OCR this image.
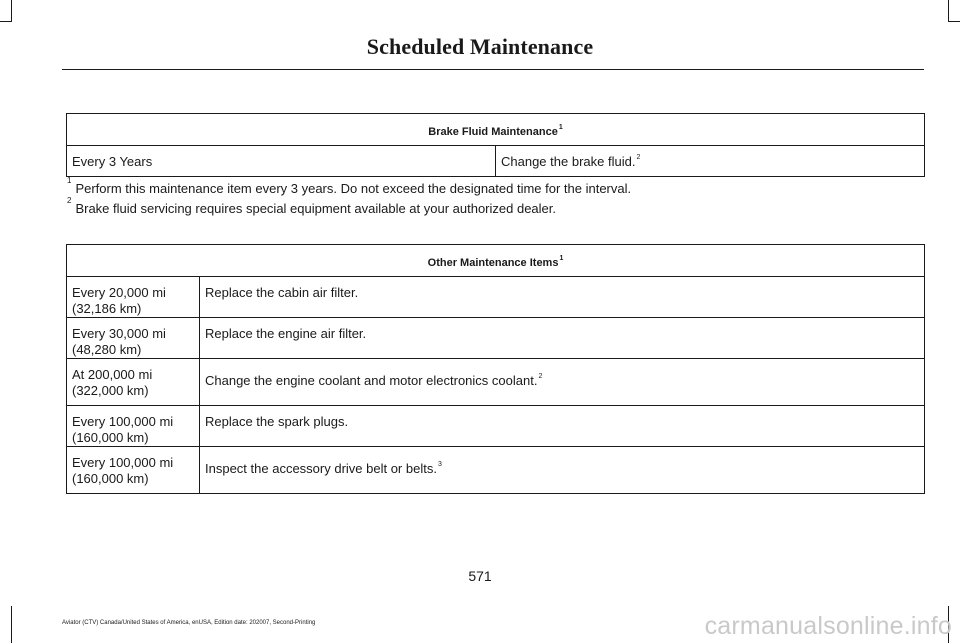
Scheduled Maintenance
Brake Fluid Maintenance$^1$
Every 3 Years	Change the brake fluid.$^2$
$^1$Perform this maintenance item every 3 years. Do not exceed the designated time for the interval.
$^2$Brake fluid servicing requires special equipment available at your authorized dealer.
Other Maintenance Items$^1$
Every 20,000 mi
(32,186 km)	Replace the cabin air filter.
Every 30,000 mi
(48,280 km)	Replace the engine air filter.
At 200,000 mi
(322,000 km)	Change the engine coolant and motor electronics coolant.$^2$
Every 100,000 mi
(160,000 km)	Replace the spark plugs.
Every 100,000 mi
(160,000 km)	Inspect the accessory drive belt or belts.$^3$
571
Aviator (CTV) Canada/United States of America, enUSA, Edition date: 202007, Second-Printing	carmanualsonline.info
